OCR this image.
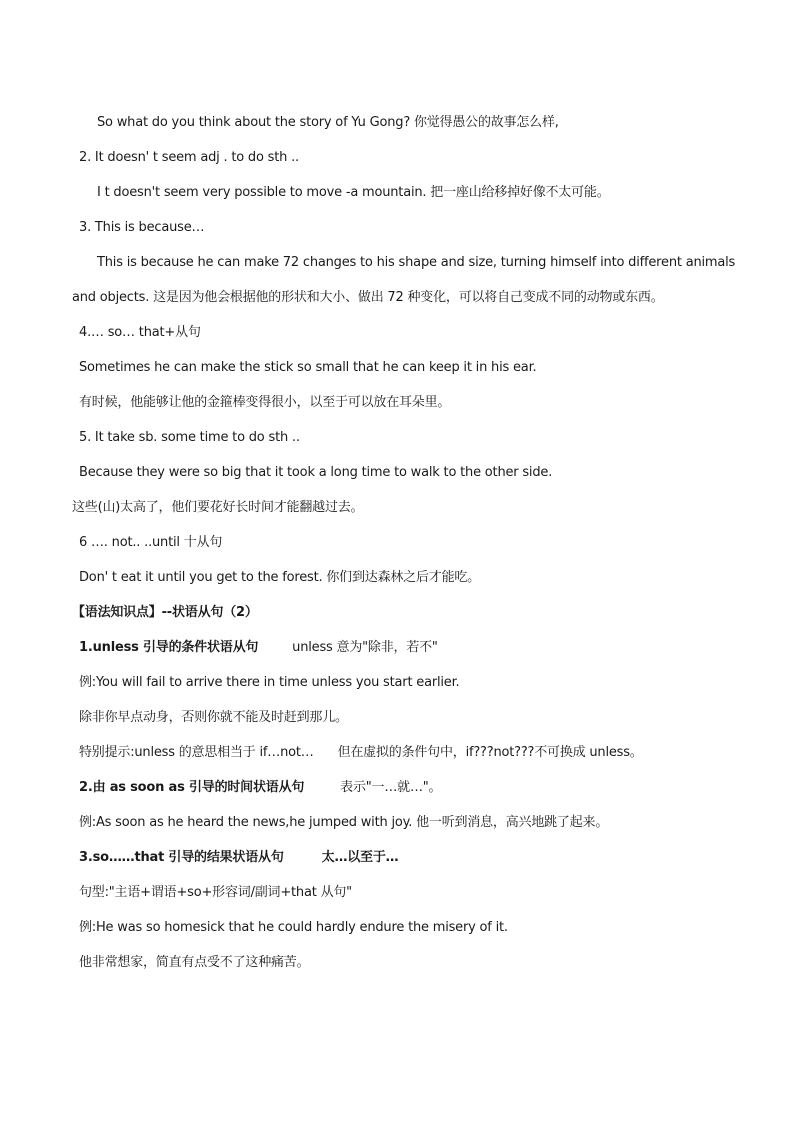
So what do you think about the story of Yu Gong? 你觉得愚公的故事怎么样,
2. It doesn' t seem adj . to do sth ..
I t doesn't seem very possible to move -a mountain. 把一座山给移掉好像不太可能。
3. This is because…
This is because he can make 72 changes to his shape and size, turning himself into different animals
and objects. 这是因为他会根据他的形状和大小、做出 72 种变化，可以将自己变成不同的动物或东西。
4.… so… that+从句
Sometimes he can make the stick so small that he can keep it in his ear.
有时候，他能够让他的金箍棒变得很小，以至于可以放在耳朵里。
5. It take sb. some time to do sth ..
Because they were so big that it took a long time to walk to the other side.
这些(山)太高了，他们要花好长时间才能翻越过去。
6 …. not.. ..until 十从句
Don' t eat it until you get to the forest. 你们到达森林之后才能吃。
【语法知识点】--状语从句（2）
1.unless 引导的条件状语从句	unless 意为"除非，若不"
例:You will fail to arrive there in time unless you start earlier.
除非你早点动身，否则你就不能及时赶到那儿。
特别提示:unless 的意思相当于 if…not… 但在虚拟的条件句中，if???not???不可换成 unless。
2.由 as soon as 引导的时间状语从句	表示"一…就…"。
例:As soon as he heard the news,he jumped with joy. 他一听到消息，高兴地跳了起来。
3.so……that 引导的结果状语从句	太…以至于…
句型:"主语+谓语+so+形容词/副词+that 从句"
例:He was so homesick that he could hardly endure the misery of it.
他非常想家，简直有点受不了这种痛苦。
